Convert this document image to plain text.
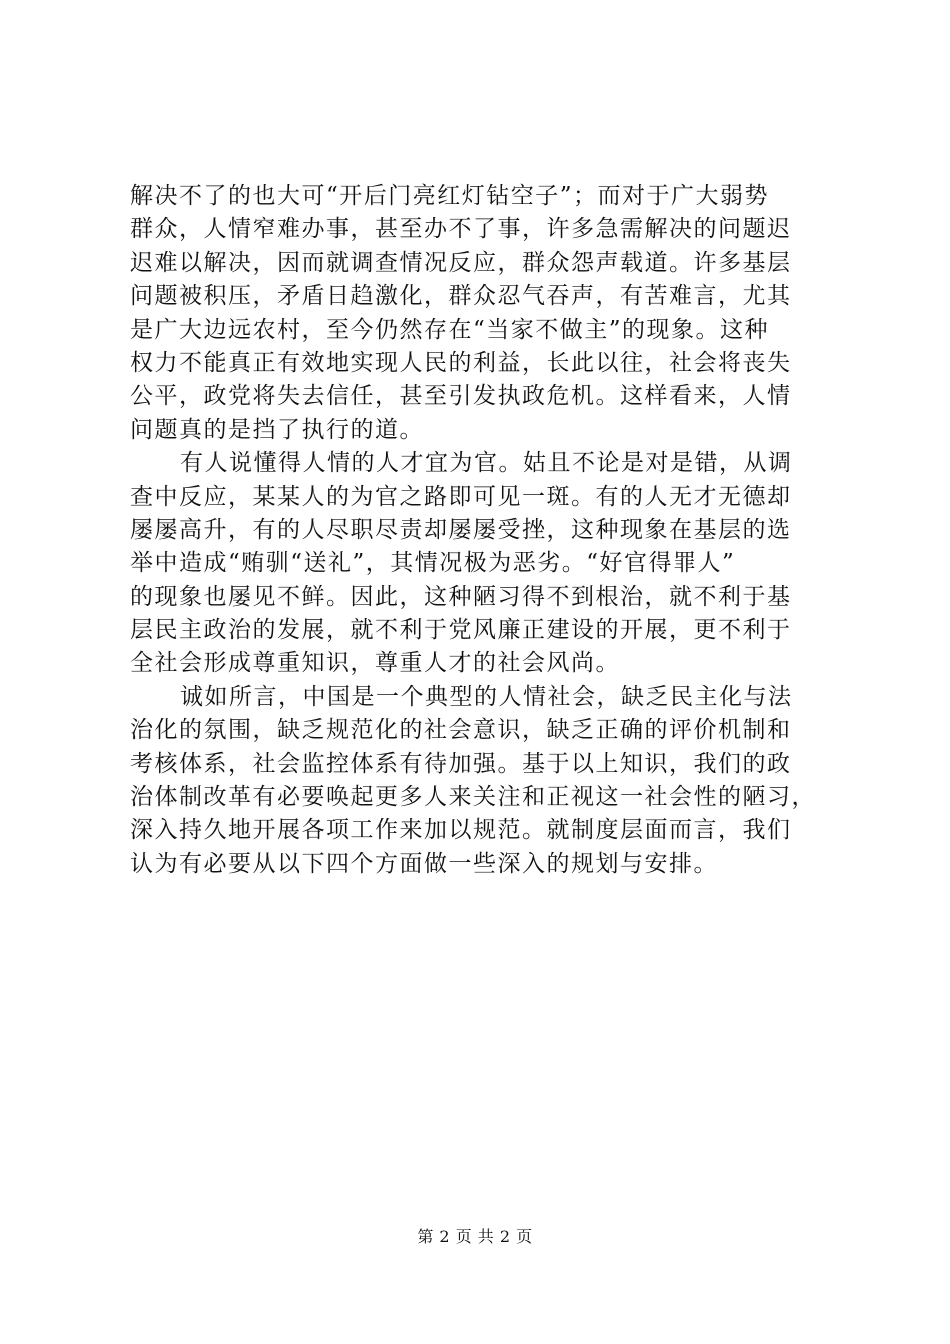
解决不了的也大可“开后门亮红灯钻空子”；而对于广大弱势
群众，人情窄难办事，甚至办不了事，许多急需解决的问题迟
迟难以解决，因而就调查情况反应，群众怨声载道。许多基层
问题被积压，矛盾日趋激化，群众忍气吞声，有苦难言，尤其
是广大边远农村，至今仍然存在“当家不做主”的现象。这种
权力不能真正有效地实现人民的利益，长此以往，社会将丧失
公平，政党将失去信任，甚至引发执政危机。这样看来，人情
问题真的是挡了执行的道。
有人说懂得人情的人才宜为官。姑且不论是对是错，从调
查中反应，某某人的为官之路即可见一斑。有的人无才无德却
屡屡高升，有的人尽职尽责却屡屡受挫，这种现象在基层的选
举中造成“贿驯“送礼”，其情况极为恶劣。“好官得罪人”
的现象也屡见不鲜。因此，这种陋习得不到根治，就不利于基
层民主政治的发展，就不利于党风廉正建设的开展，更不利于
全社会形成尊重知识，尊重人才的社会风尚。
诚如所言，中国是一个典型的人情社会，缺乏民主化与法
治化的氛围，缺乏规范化的社会意识，缺乏正确的评价机制和
考核体系，社会监控体系有待加强。基于以上知识，我们的政
治体制改革有必要唤起更多人来关注和正视这一社会性的陋习，
深入持久地开展各项工作来加以规范。就制度层面而言，我们
认为有必要从以下四个方面做一些深入的规划与安排。
第 2 页 共 2 页
